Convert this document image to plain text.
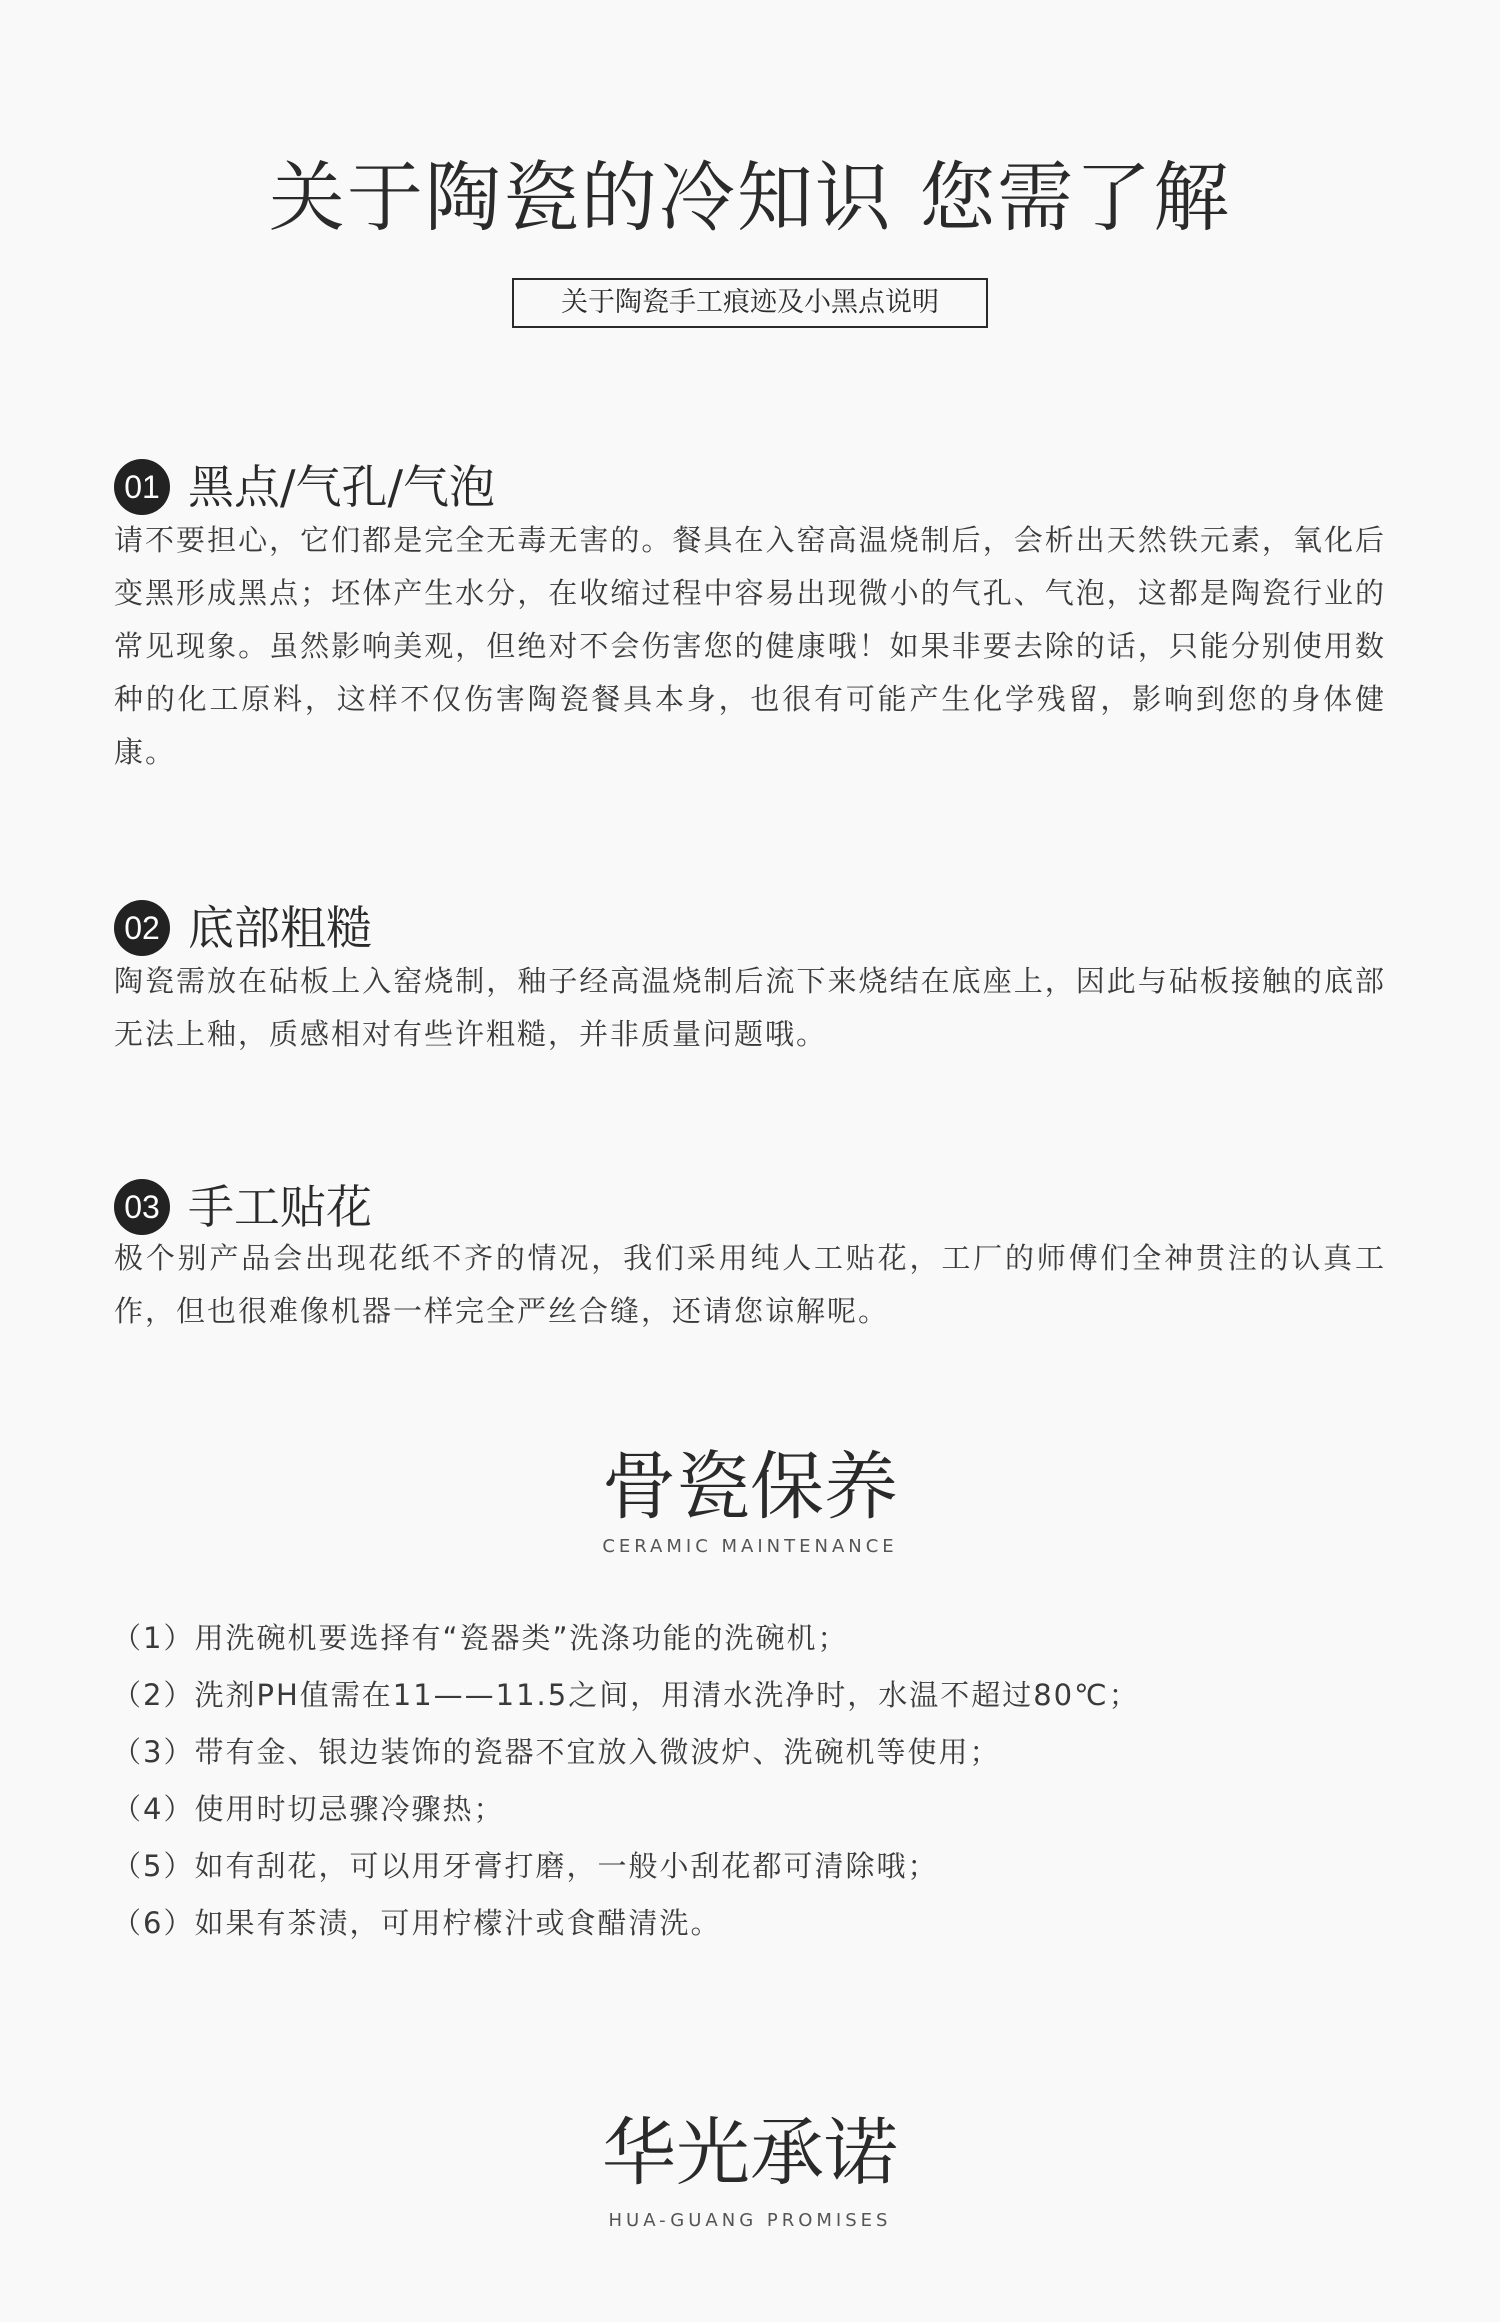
关于陶瓷的冷知识 您需了解
关于陶瓷手工痕迹及小黑点说明
01 黑点/气孔/气泡

请不要担心，它们都是完全无毒无害的。餐具在入窑高温烧制后，会析出天然铁元素，氧化后变黑形成黑点；坯体产生水分，在收缩过程中容易出现微小的气孔、气泡，这都是陶瓷行业的常见现象。虽然影响美观，但绝对不会伤害您的健康哦！如果非要去除的话，只能分别使用数种的化工原料，这样不仅伤害陶瓷餐具本身，也很有可能产生化学残留，影响到您的身体健康。

02 底部粗糙

陶瓷需放在砧板上入窑烧制，釉子经高温烧制后流下来烧结在底座上，因此与砧板接触的底部无法上釉，质感相对有些许粗糙，并非质量问题哦。

03 手工贴花

极个别产品会出现花纸不齐的情况，我们采用纯人工贴花，工厂的师傅们全神贯注的认真工作，但也很难像机器一样完全严丝合缝，还请您谅解呢。

骨瓷保养
CERAMIC MAINTENANCE
（1）用洗碗机要选择有“瓷器类”洗涤功能的洗碗机；
（2）洗剂PH值需在11——11.5之间，用清水洗净时，水温不超过80℃；
（3）带有金、银边装饰的瓷器不宜放入微波炉、洗碗机等使用；
（4）使用时切忌骤冷骤热；
（5）如有刮花，可以用牙膏打磨，一般小刮花都可清除哦；
（6）如果有茶渍，可用柠檬汁或食醋清洗。
华光承诺
HUA-GUANG PROMISES
